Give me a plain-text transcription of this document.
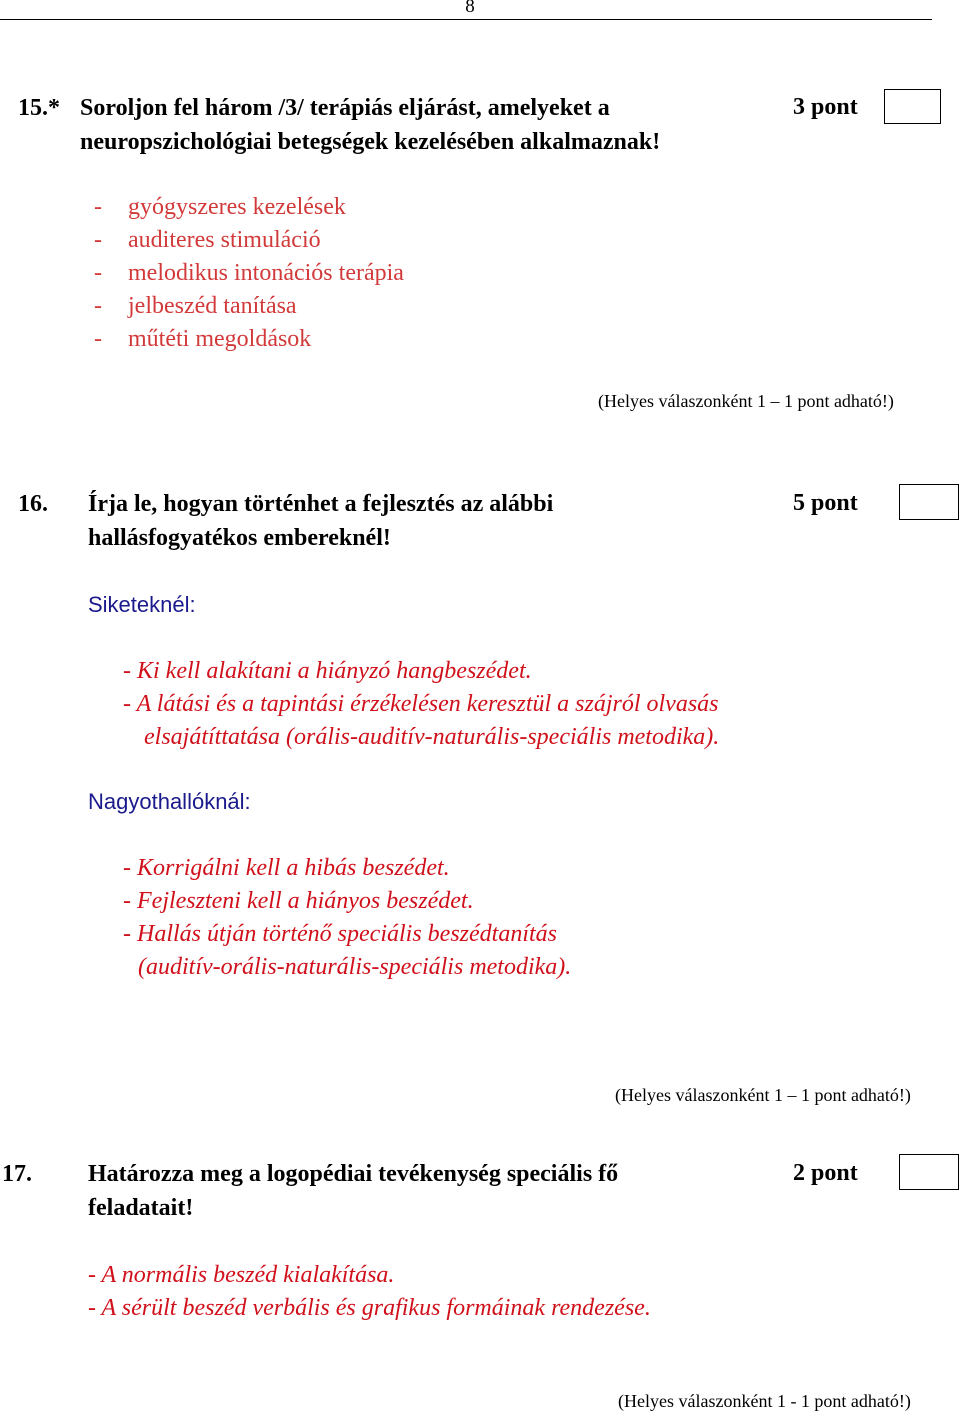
8
15.* Soroljon fel három /3/ terápiás eljárást, amelyeket a
neuropszichológiai betegségek kezelésében alkalmaznak!
3 pont
- gyógyszeres kezelések
- auditeres stimuláció
- melodikus intonációs terápia
- jelbeszéd tanítása
- műtéti megoldások
(Helyes válaszonként 1 – 1 pont adható!)
16. Írja le, hogyan történhet a fejlesztés az alábbi
hallásfogyatékos embereknél!
5 pont
Siketeknél:
- Ki kell alakítani a hiányzó hangbeszédet.
- A látási és a tapintási érzékelésen keresztül a szájról olvasás
elsajátíttatása (orális-auditív-naturális-speciális metodika).
Nagyothallóknál:
- Korrigálni kell a hibás beszédet.
- Fejleszteni kell a hiányos beszédet.
- Hallás útján történő speciális beszédtanítás
(auditív-orális-naturális-speciális metodika).
(Helyes válaszonként 1 – 1 pont adható!)
17. Határozza meg a logopédiai tevékenység speciális fő
feladatait!
2 pont
- A normális beszéd kialakítása.
- A sérült beszéd verbális és grafikus formáinak rendezése.
(Helyes válaszonként 1 - 1 pont adható!)
